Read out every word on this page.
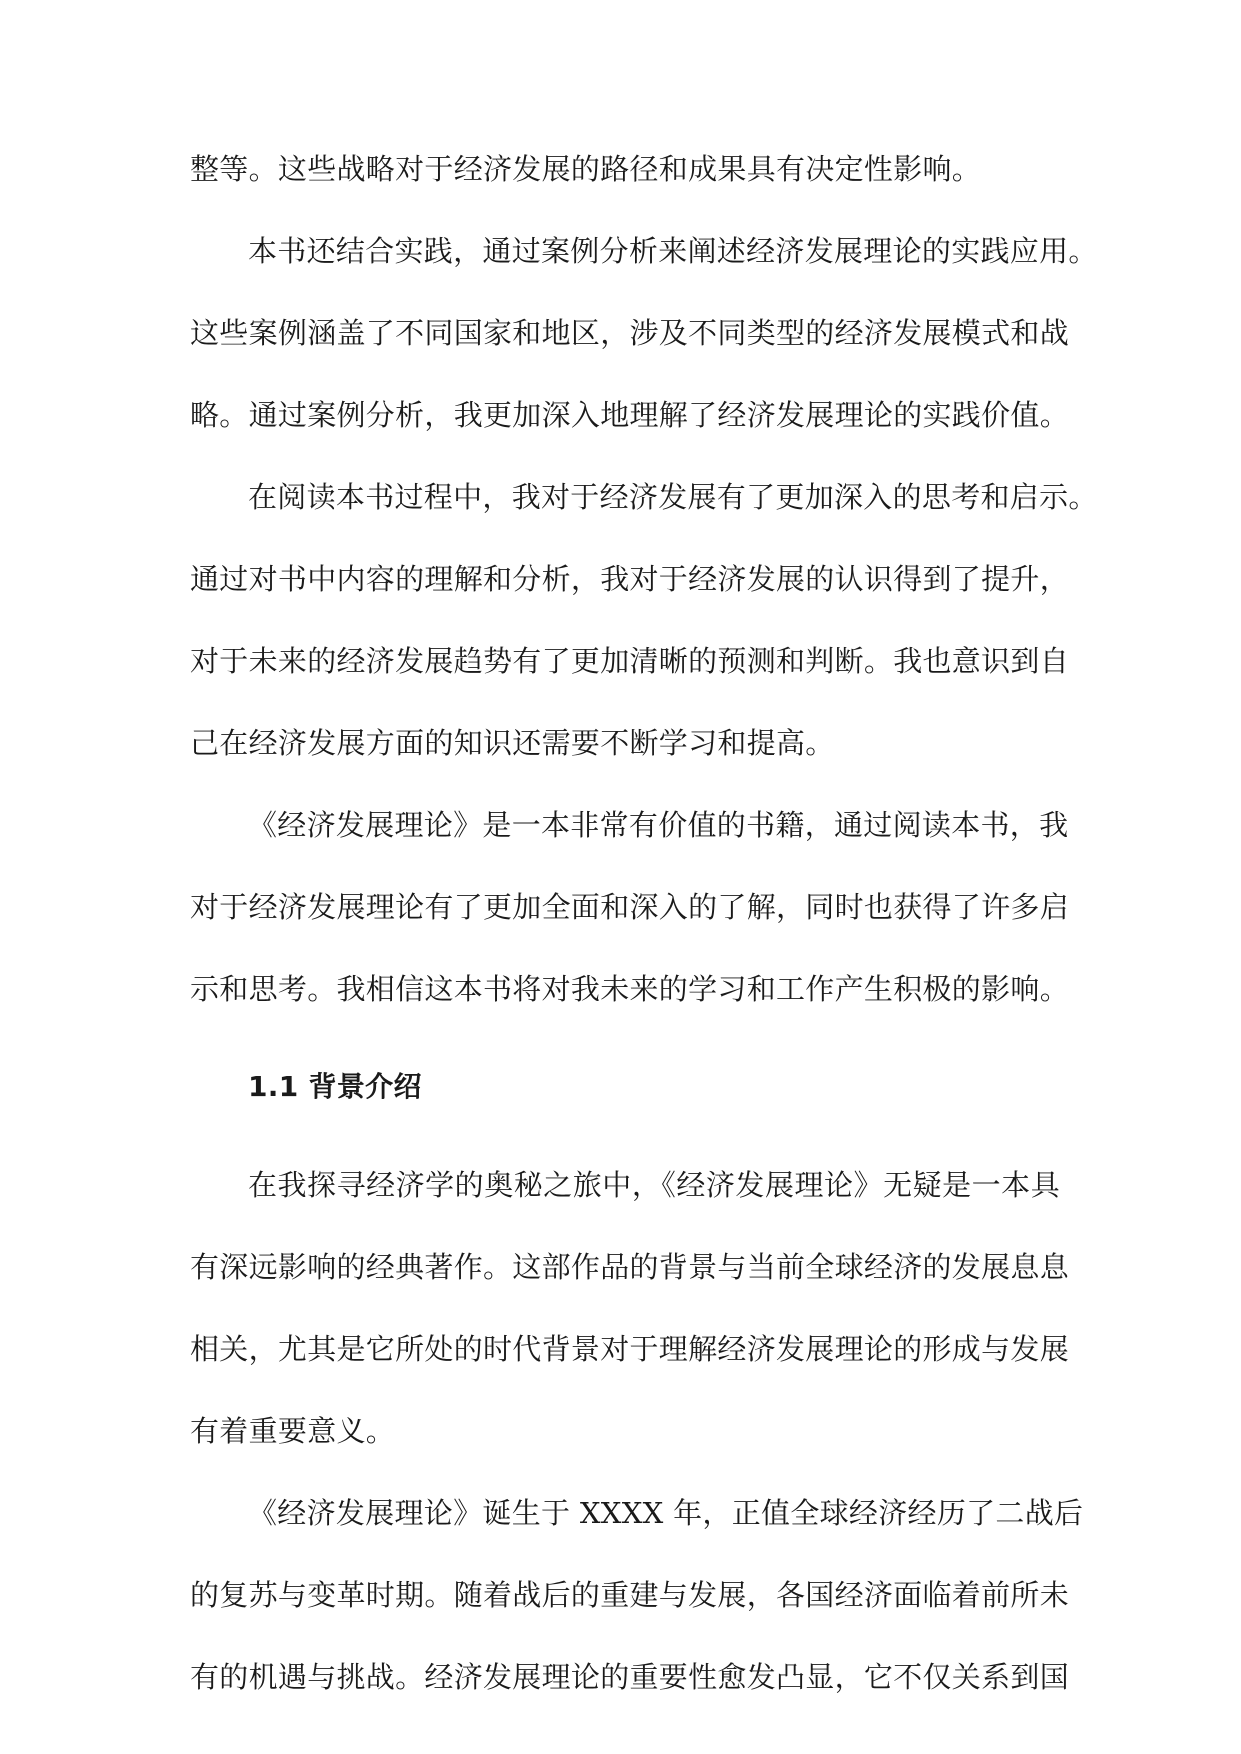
整等。这些战略对于经济发展的路径和成果具有决定性影响。
本书还结合实践，通过案例分析来阐述经济发展理论的实践应用。
这些案例涵盖了不同国家和地区，涉及不同类型的经济发展模式和战
略。通过案例分析，我更加深入地理解了经济发展理论的实践价值。
在阅读本书过程中，我对于经济发展有了更加深入的思考和启示。
通过对书中内容的理解和分析，我对于经济发展的认识得到了提升，
对于未来的经济发展趋势有了更加清晰的预测和判断。我也意识到自
己在经济发展方面的知识还需要不断学习和提高。
《经济发展理论》是一本非常有价值的书籍，通过阅读本书，我
对于经济发展理论有了更加全面和深入的了解，同时也获得了许多启
示和思考。我相信这本书将对我未来的学习和工作产生积极的影响。
1.1 背景介绍
在我探寻经济学的奥秘之旅中，《经济发展理论》无疑是一本具
有深远影响的经典著作。这部作品的背景与当前全球经济的发展息息
相关，尤其是它所处的时代背景对于理解经济发展理论的形成与发展
有着重要意义。
《经济发展理论》诞生于 XXXX 年，正值全球经济经历了二战后
的复苏与变革时期。随着战后的重建与发展，各国经济面临着前所未
有的机遇与挑战。经济发展理论的重要性愈发凸显，它不仅关系到国
